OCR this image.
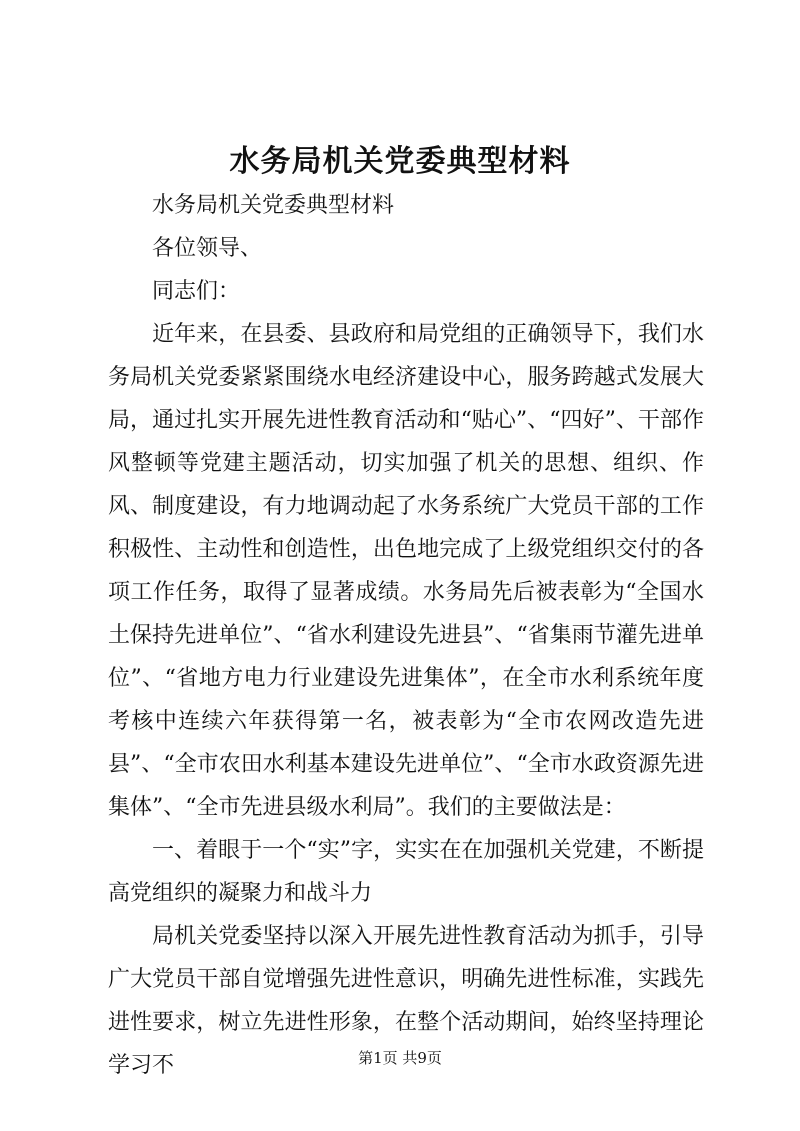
水务局机关党委典型材料

水务局机关党委典型材料

各位领导、

同志们：

近年来，在县委、县政府和局党组的正确领导下，我们水务局机关党委紧紧围绕水电经济建设中心，服务跨越式发展大局，通过扎实开展先进性教育活动和“贴心”、“四好”、干部作风整顿等党建主题活动，切实加强了机关的思想、组织、作风、制度建设，有力地调动起了水务系统广大党员干部的工作积极性、主动性和创造性，出色地完成了上级党组织交付的各项工作任务，取得了显著成绩。水务局先后被表彰为“全国水土保持先进单位”、“省水利建设先进县”、“省集雨节灌先进单位”、“省地方电力行业建设先进集体”，在全市水利系统年度考核中连续六年获得第一名，被表彰为“全市农网改造先进县”、“全市农田水利基本建设先进单位”、“全市水政资源先进集体”、“全市先进县级水利局”。我们的主要做法是：

一、着眼于一个“实”字，实实在在加强机关党建，不断提高党组织的凝聚力和战斗力

局机关党委坚持以深入开展先进性教育活动为抓手，引导广大党员干部自觉增强先进性意识，明确先进性标准，实践先进性要求，树立先进性形象，在整个活动期间，始终坚持理论学习不	第1页 共9页
